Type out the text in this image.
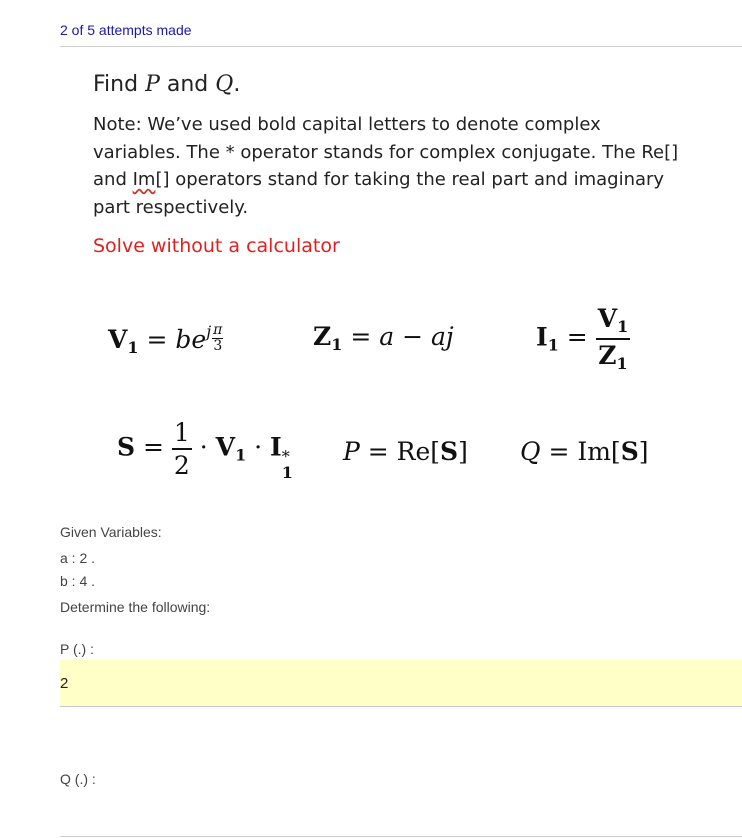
2 of 5 attempts made

Find P and Q.

Note: We’ve used bold capital letters to denote complex variables. The * operator stands for complex conjugate. The Re[] and Im[] operators stand for taking the real part and imaginary part respectively.

Solve without a calculator
$V_1 = be^j \frac{\pi}{3}$	$Z_1 = a$ − aj	$I_1 = \frac{V_1}{Z_1}$
$S = \frac{1}{2} \cdot V_1 \cdot I$ *
1
P = Re[S] Q = Im[S]
Given Variables:
a : 2 .
b : 4 .
Determine the following:
P (.) :
2
Q (.) :
